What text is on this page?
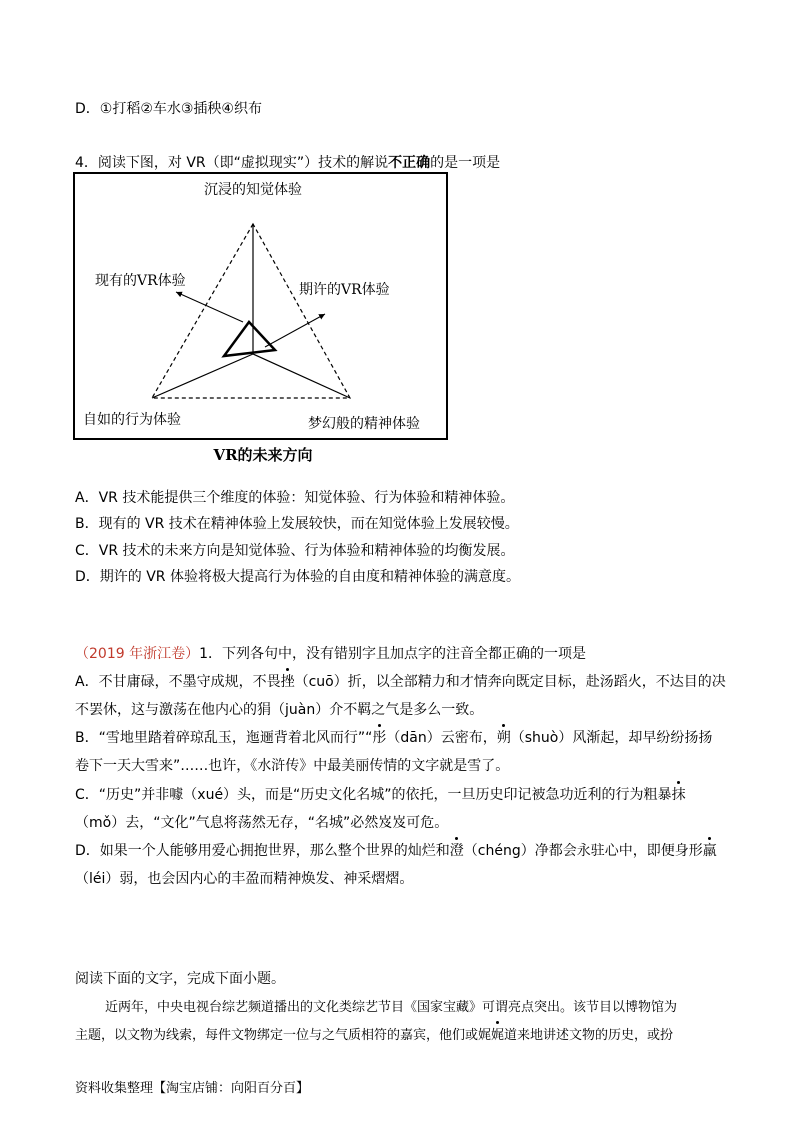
D．①打稻②车水③插秧④织布
4．阅读下图，对 VR（即“虚拟现实”）技术的解说不正确的是一项是
沉浸的知觉体验
现有的VR体验
期许的VR体验
自如的行为体验	梦幻般的精神体验
VR的未来方向
A．VR 技术能提供三个维度的体验：知觉体验、行为体验和精神体验。
B．现有的 VR 技术在精神体验上发展较快，而在知觉体验上发展较慢。
C．VR 技术的未来方向是知觉体验、行为体验和精神体验的均衡发展。
D．期许的 VR 体验将极大提高行为体验的自由度和精神体验的满意度。
（2019 年浙江卷）1．下列各句中，没有错别字且加点字的注音全都正确的一项是
A．不甘庸碌，不墨守成规，不畏挫（cuō）折，以全部精力和才情奔向既定目标，赴汤蹈火，不达目的决
不罢休，这与激荡在他内心的狷（juàn）介不羁之气是多么一致。
B．“雪地里踏着碎琼乱玉，迤逦背着北风而行”“彤（dān）云密布，朔（shuò）风渐起，却早纷纷扬扬
卷下一天大雪来”……也许，《水浒传》中最美丽传情的文字就是雪了。
C．“历史”并非噱（xué）头，而是“历史文化名城”的依托，一旦历史印记被急功近利的行为粗暴抹
（mǒ）去，“文化”气息将荡然无存，“名城”必然岌岌可危。
D．如果一个人能够用爱心拥抱世界，那么整个世界的灿烂和澄（chéng）净都会永驻心中，即便身形羸
（léi）弱，也会因内心的丰盈而精神焕发、神采熠熠。
阅读下面的文字，完成下面小题。
近两年，中央电视台综艺频道播出的文化类综艺节目《国家宝藏》可谓亮点突出。该节目以博物馆为
主题，以文物为线索，每件文物绑定一位与之气质相符的嘉宾，他们或娓娓道来地讲述文物的历史，或扮
资料收集整理【淘宝店铺：向阳百分百】
